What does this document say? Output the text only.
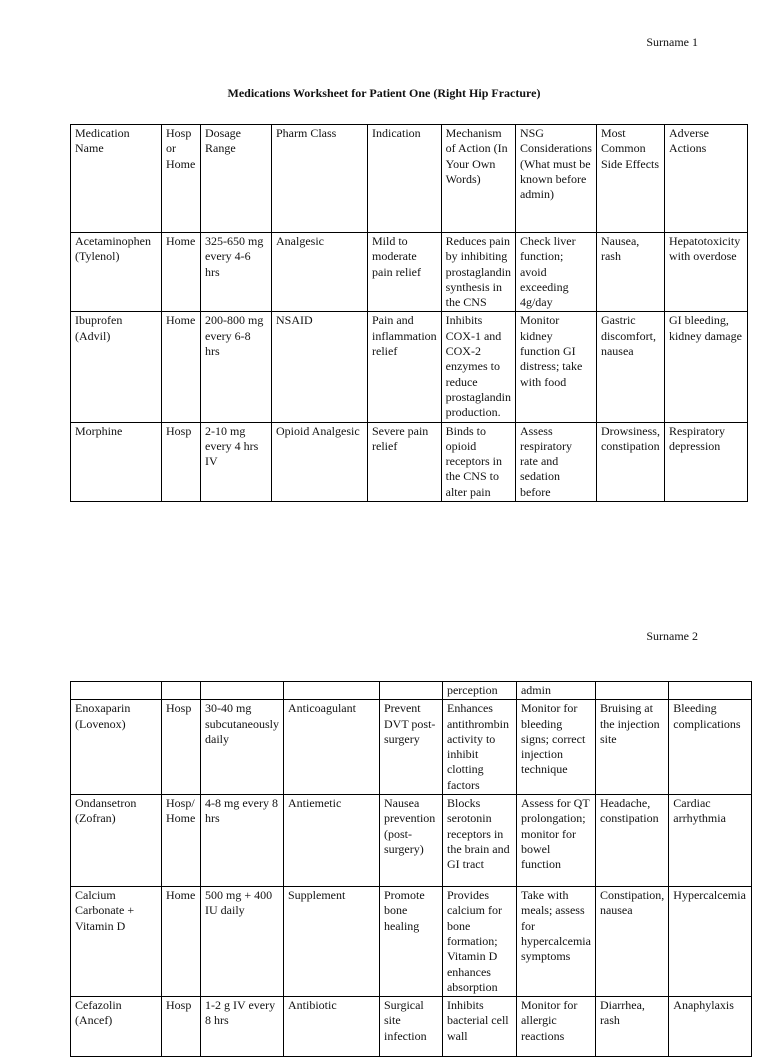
Surname 1
Medications Worksheet for Patient One (Right Hip Fracture)
Medication Name	Hosp or Home	Dosage Range	Pharm Class	Indication	Mechanism of Action (In Your Own Words)	NSG Considerations (What must be known before admin)	Most Common Side Effects	Adverse Actions
Acetaminophen (Tylenol)	Home	325-650 mg every 4-6 hrs	Analgesic	Mild to moderate pain relief	Reduces pain by inhibiting prostaglandin synthesis in the CNS	Check liver function; avoid exceeding 4g/day	Nausea, rash	Hepatotoxicity with overdose
Ibuprofen (Advil)	Home	200-800 mg every 6-8 hrs	NSAID	Pain and inflammation relief	Inhibits COX-1 and COX-2 enzymes to reduce prostaglandin production.	Monitor kidney function GI distress; take with food	Gastric discomfort, nausea	GI bleeding, kidney damage
Morphine	Hosp	2-10 mg every 4 hrs IV	Opioid Analgesic	Severe pain relief	Binds to opioid receptors in the CNS to alter pain	Assess respiratory rate and sedation before	Drowsiness, constipation	Respiratory depression
Surname 2
					perception	admin		
Enoxaparin (Lovenox)	Hosp	30-40 mg subcutaneously daily	Anticoagulant	Prevent DVT post-surgery	Enhances antithrombin activity to inhibit clotting factors	Monitor for bleeding signs; correct injection technique	Bruising at the injection site	Bleeding complications
Ondansetron (Zofran)	Hosp/ Home	4-8 mg every 8 hrs	Antiemetic	Nausea prevention (post-surgery)	Blocks serotonin receptors in the brain and GI tract	Assess for QT prolongation; monitor for bowel function	Headache, constipation	Cardiac arrhythmia
Calcium Carbonate + Vitamin D	Home	500 mg + 400 IU daily	Supplement	Promote bone healing	Provides calcium for bone formation; Vitamin D enhances absorption	Take with meals; assess for hypercalcemia symptoms	Constipation, nausea	Hypercalcemia
Cefazolin (Ancef)	Hosp	1-2 g IV every 8 hrs	Antibiotic	Surgical site infection	Inhibits bacterial cell wall	Monitor for allergic reactions	Diarrhea, rash	Anaphylaxis
